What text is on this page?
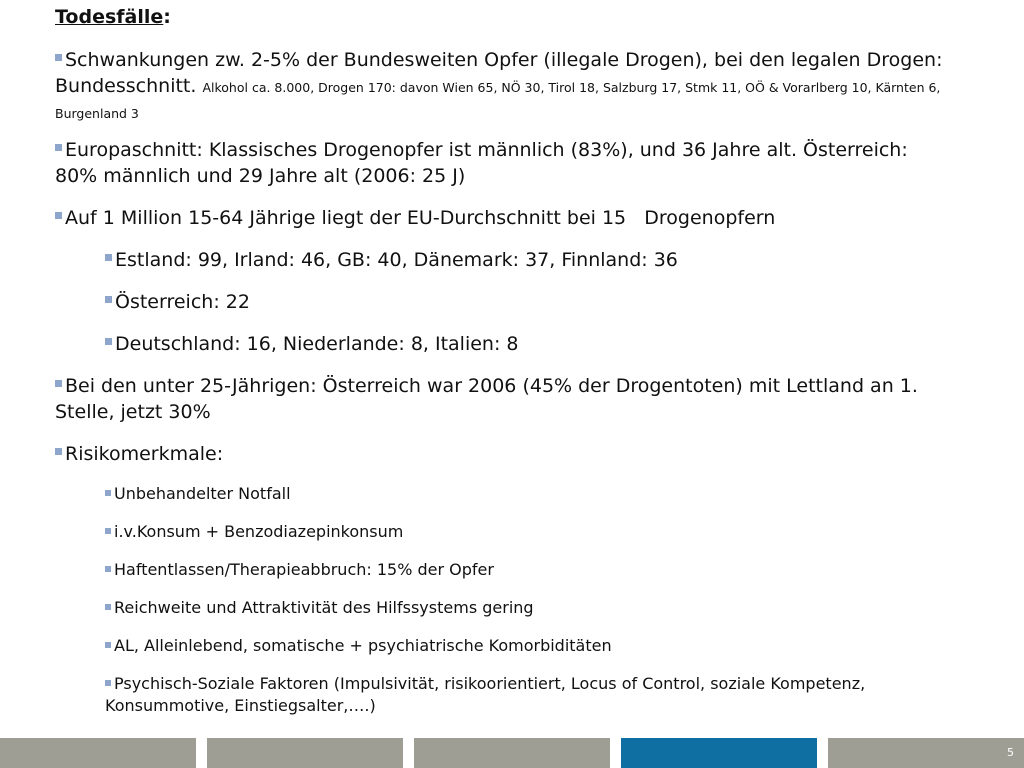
Todesfälle:
Schwankungen zw. 2-5% der Bundesweiten Opfer (illegale Drogen), bei den legalen Drogen: Bundesschnitt. Alkohol ca. 8.000, Drogen 170: davon Wien 65, NÖ 30, Tirol 18, Salzburg 17, Stmk 11, OÖ & Vorarlberg 10, Kärnten 6, Burgenland 3
Europaschnitt: Klassisches Drogenopfer ist männlich (83%), und 36 Jahre alt. Österreich: 80% männlich und 29 Jahre alt (2006: 25 J)
Auf 1 Million 15-64 Jährige liegt der EU-Durchschnitt bei 15   Drogenopfern
Estland: 99, Irland: 46, GB: 40, Dänemark: 37, Finnland: 36
Österreich: 22
Deutschland: 16, Niederlande: 8, Italien: 8
Bei den unter 25-Jährigen: Österreich war 2006 (45% der Drogentoten) mit Lettland an 1. Stelle, jetzt 30%
Risikomerkmale:
Unbehandelter Notfall
i.v.Konsum + Benzodiazepinkonsum
Haftentlassen/Therapieabbruch: 15% der Opfer
Reichweite und Attraktivität des Hilfssystems gering
AL, Alleinlebend, somatische + psychiatrische Komorbiditäten
Psychisch-Soziale Faktoren (Impulsivität, risikoorientiert, Locus of Control, soziale Kompetenz, Konsummotive, Einstiegsalter,….)
5
